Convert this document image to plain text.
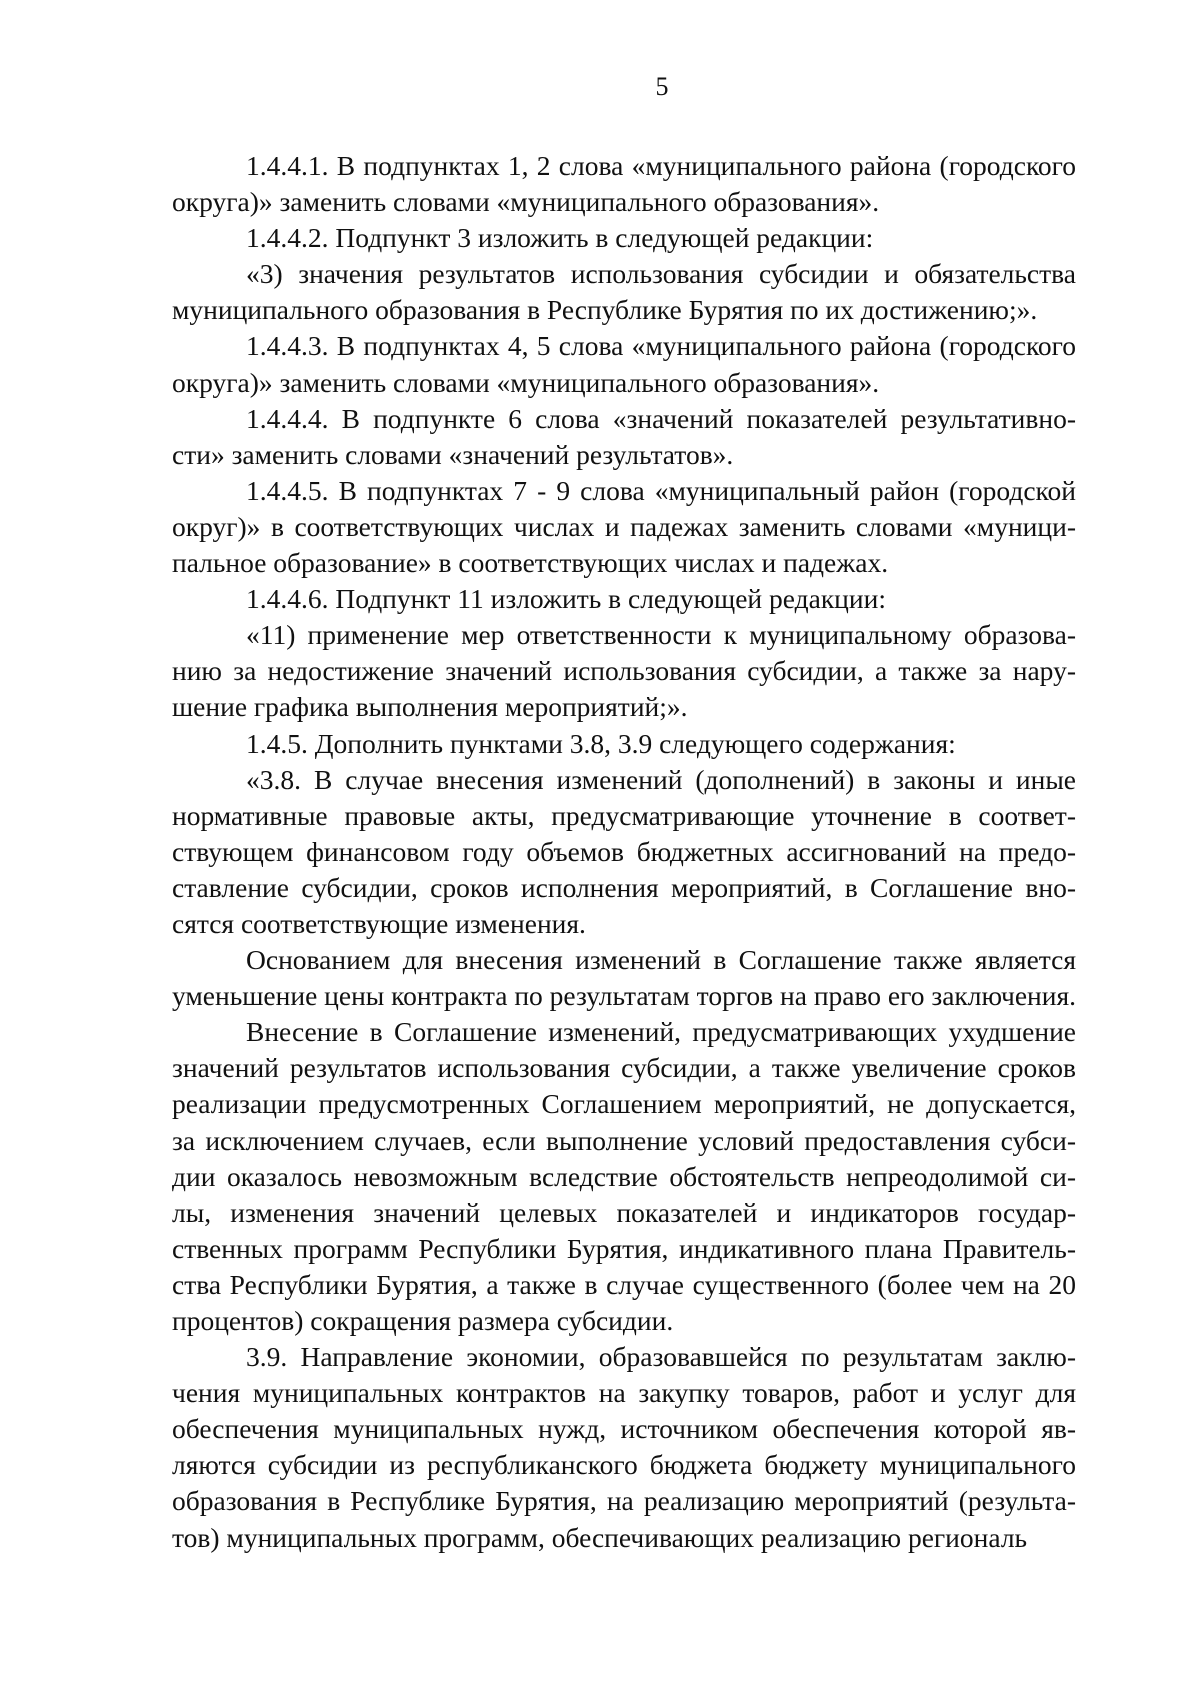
5

1.4.4.1. В подпунктах 1, 2 слова «муниципального района (городского округа)» заменить словами «муниципального образования».

1.4.4.2. Подпункт 3 изложить в следующей редакции:

«3) значения результатов использования субсидии и обязательства муниципального образования в Республике Бурятия по их достижению;».

1.4.4.3. В подпунктах 4, 5 слова «муниципального района (городского округа)» заменить словами «муниципального образования».

1.4.4.4. В подпункте 6 слова «значений показателей результативности» заменить словами «значений результатов».

1.4.4.5. В подпунктах 7 - 9 слова «муниципальный район (городской округ)» в соответствующих числах и падежах заменить словами «муниципальное образование» в соответствующих числах и падежах.

1.4.4.6. Подпункт 11 изложить в следующей редакции:

«11) применение мер ответственности к муниципальному образованию за недостижение значений использования субсидии, а также за нарушение графика выполнения мероприятий;».

1.4.5. Дополнить пунктами 3.8, 3.9 следующего содержания:

«3.8. В случае внесения изменений (дополнений) в законы и иные нормативные правовые акты, предусматривающие уточнение в соответствующем финансовом году объемов бюджетных ассигнований на предоставление субсидии, сроков исполнения мероприятий, в Соглашение вносятся соответствующие изменения.

Основанием для внесения изменений в Соглашение также является уменьшение цены контракта по результатам торгов на право его заключения.

Внесение в Соглашение изменений, предусматривающих ухудшение значений результатов использования субсидии, а также увеличение сроков реализации предусмотренных Соглашением мероприятий, не допускается, за исключением случаев, если выполнение условий предоставления субсидии оказалось невозможным вследствие обстоятельств непреодолимой силы, изменения значений целевых показателей и индикаторов государственных программ Республики Бурятия, индикативного плана Правительства Республики Бурятия, а также в случае существенного (более чем на 20 процентов) сокращения размера субсидии.

3.9. Направление экономии, образовавшейся по результатам заключения муниципальных контрактов на закупку товаров, работ и услуг для обеспечения муниципальных нужд, источником обеспечения которой являются субсидии из республиканского бюджета бюджету муниципального образования в Республике Бурятия, на реализацию мероприятий (результатов) муниципальных программ, обеспечивающих реализацию региональ
